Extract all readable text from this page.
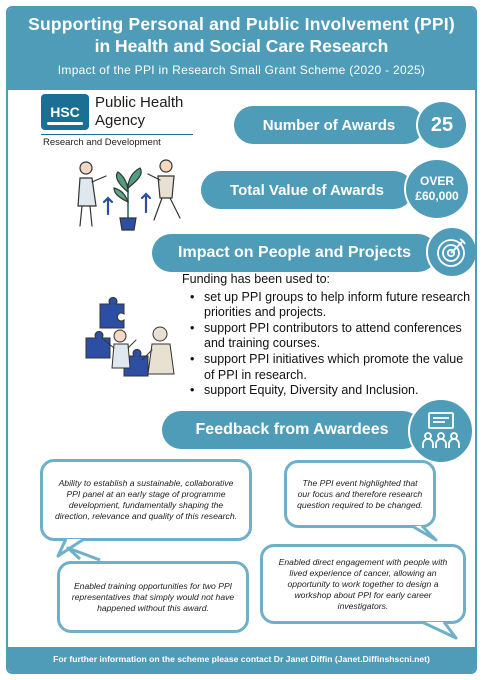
Supporting Personal and Public Involvement (PPI)
in Health and Social Care Research
Impact of the PPI in Research Small Grant Scheme (2020 - 2025)
HSC
Public Health
Agency
Research and Development
Number of Awards	25
Total Value of Awards
OVER
£60,000
Impact on People and Projects
Funding has been used to:
• set up PPI groups to help inform future research priorities and projects.
• support PPI contributors to attend conferences and training courses.
• support PPI initiatives which promote the value of PPI in research.
• support Equity, Diversity and Inclusion.
Feedback from Awardees
Ability to establish a sustainable, collaborative PPI panel at an early stage of programme development, fundamentally shaping the direction, relevance and quality of this research.
The PPI event highlighted that our focus and therefore research question required to be changed.
Enabled training opportunities for two PPI representatives that simply would not have happened without this award.
Enabled direct engagement with people with lived experience of cancer, allowing an opportunity to work together to design a workshop about PPI for early career investigators.
For further information on the scheme please contact Dr Janet Diffin (Janet.Diffinshscni.net)
